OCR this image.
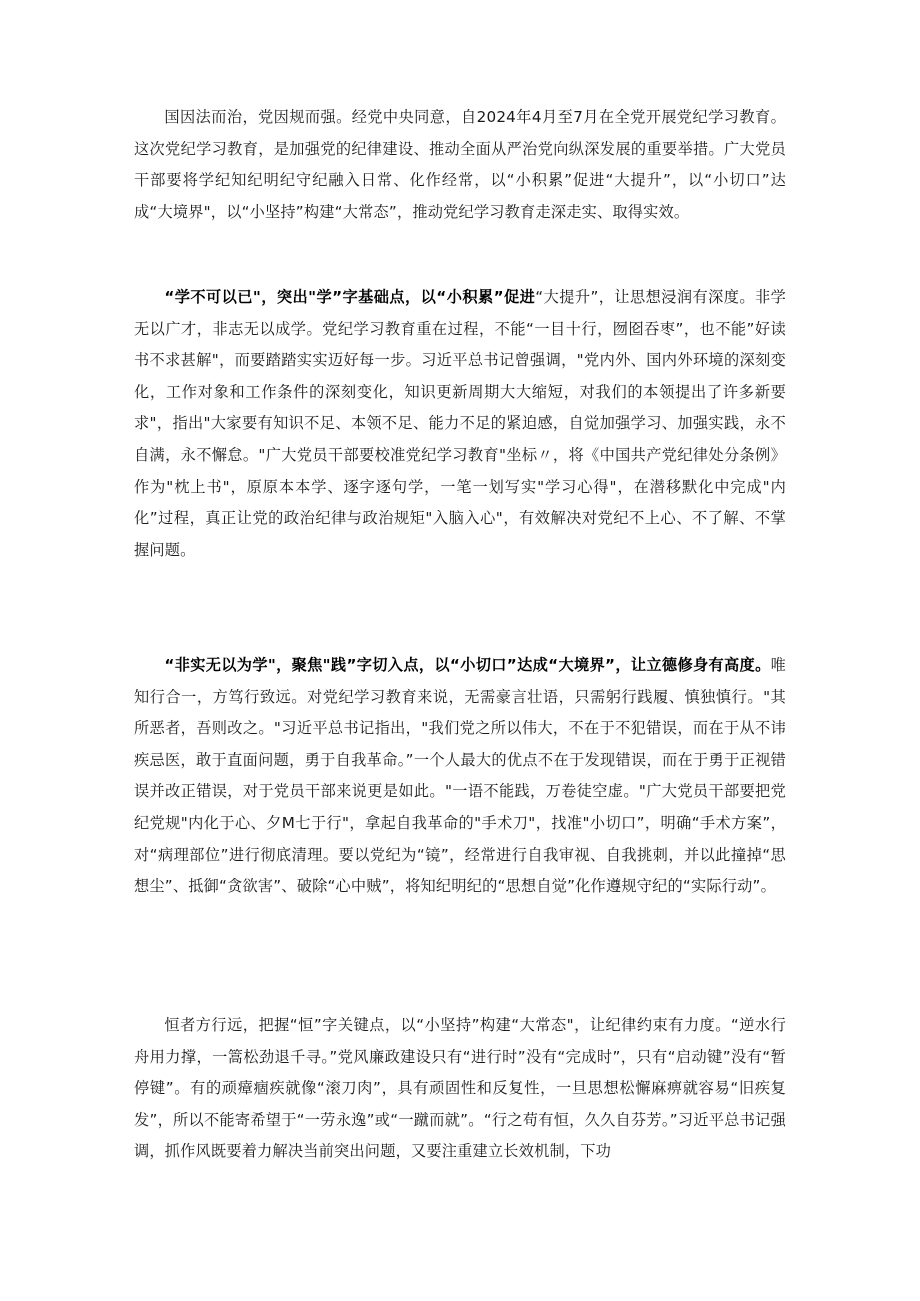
国因法而治，党因规而强。经党中央同意，自2024年4月至7月在全党开展党纪学习教育。这次党纪学习教育，是加强党的纪律建设、推动全面从严治党向纵深发展的重要举措。广大党员干部要将学纪知纪明纪守纪融入日常、化作经常，以“小积累”促进“大提升”，以“小切口”达成“大境界"，以“小坚持”构建“大常态”，推动党纪学习教育走深走实、取得实效。

“学不可以已"，突出"学”字基础点，以“小积累”促进“大提升”，让思想浸润有深度。非学无以广才，非志无以成学。党纪学习教育重在过程，不能“一目十行，囫囵吞枣”，也不能”好读书不求甚解"，而要踏踏实实迈好每一步。习近平总书记曾强调，"党内外、国内外环境的深刻变化，工作对象和工作条件的深刻变化，知识更新周期大大缩短，对我们的本领提出了许多新要求"，指出"大家要有知识不足、本领不足、能力不足的紧迫感，自觉加强学习、加强实践，永不自满，永不懈怠。"广大党员干部要校准党纪学习教育"坐标〃，将《中国共产党纪律处分条例》作为"枕上书"，原原本本学、逐字逐句学，一笔一划写实"学习心得"，在潜移默化中完成"内化”过程，真正让党的政治纪律与政治规矩"入脑入心"，有效解决对党纪不上心、不了解、不掌握问题。

“非实无以为学"，聚焦"践”字切入点，以“小切口”达成“大境界”，让立德修身有高度。唯知行合一，方笃行致远。对党纪学习教育来说，无需豪言壮语，只需躬行践履、慎独慎行。"其所恶者，吾则改之。"习近平总书记指出，"我们党之所以伟大，不在于不犯错误，而在于从不讳疾忌医，敢于直面问题，勇于自我革命。”一个人最大的优点不在于发现错误，而在于勇于正视错误并改正错误，对于党员干部来说更是如此。"一语不能践，万卷徒空虚。"广大党员干部要把党纪党规"内化于心、夕M七于行"，拿起自我革命的"手术刀"，找准"小切口”，明确“手术方案”，对“病理部位”进行彻底清理。要以党纪为“镜”，经常进行自我审视、自我挑刺，并以此撞掉“思想尘”、抵御“贪欲害”、破除“心中贼”，将知纪明纪的“思想自觉”化作遵规守纪的“实际行动”。

恒者方行远，把握“恒”字关键点，以“小坚持”构建“大常态"，让纪律约束有力度。“逆水行舟用力撑，一篙松劲退千寻。”党风廉政建设只有“进行时”没有“完成时”，只有“启动键”没有“暂停键”。有的顽瘴痼疾就像“滚刀肉”，具有顽固性和反复性，一旦思想松懈麻痹就容易“旧疾复发”，所以不能寄希望于“一劳永逸”或“一蹴而就”。“行之苟有恒，久久自芬芳。”习近平总书记强调，抓作风既要着力解决当前突出问题，又要注重建立长效机制，下功
